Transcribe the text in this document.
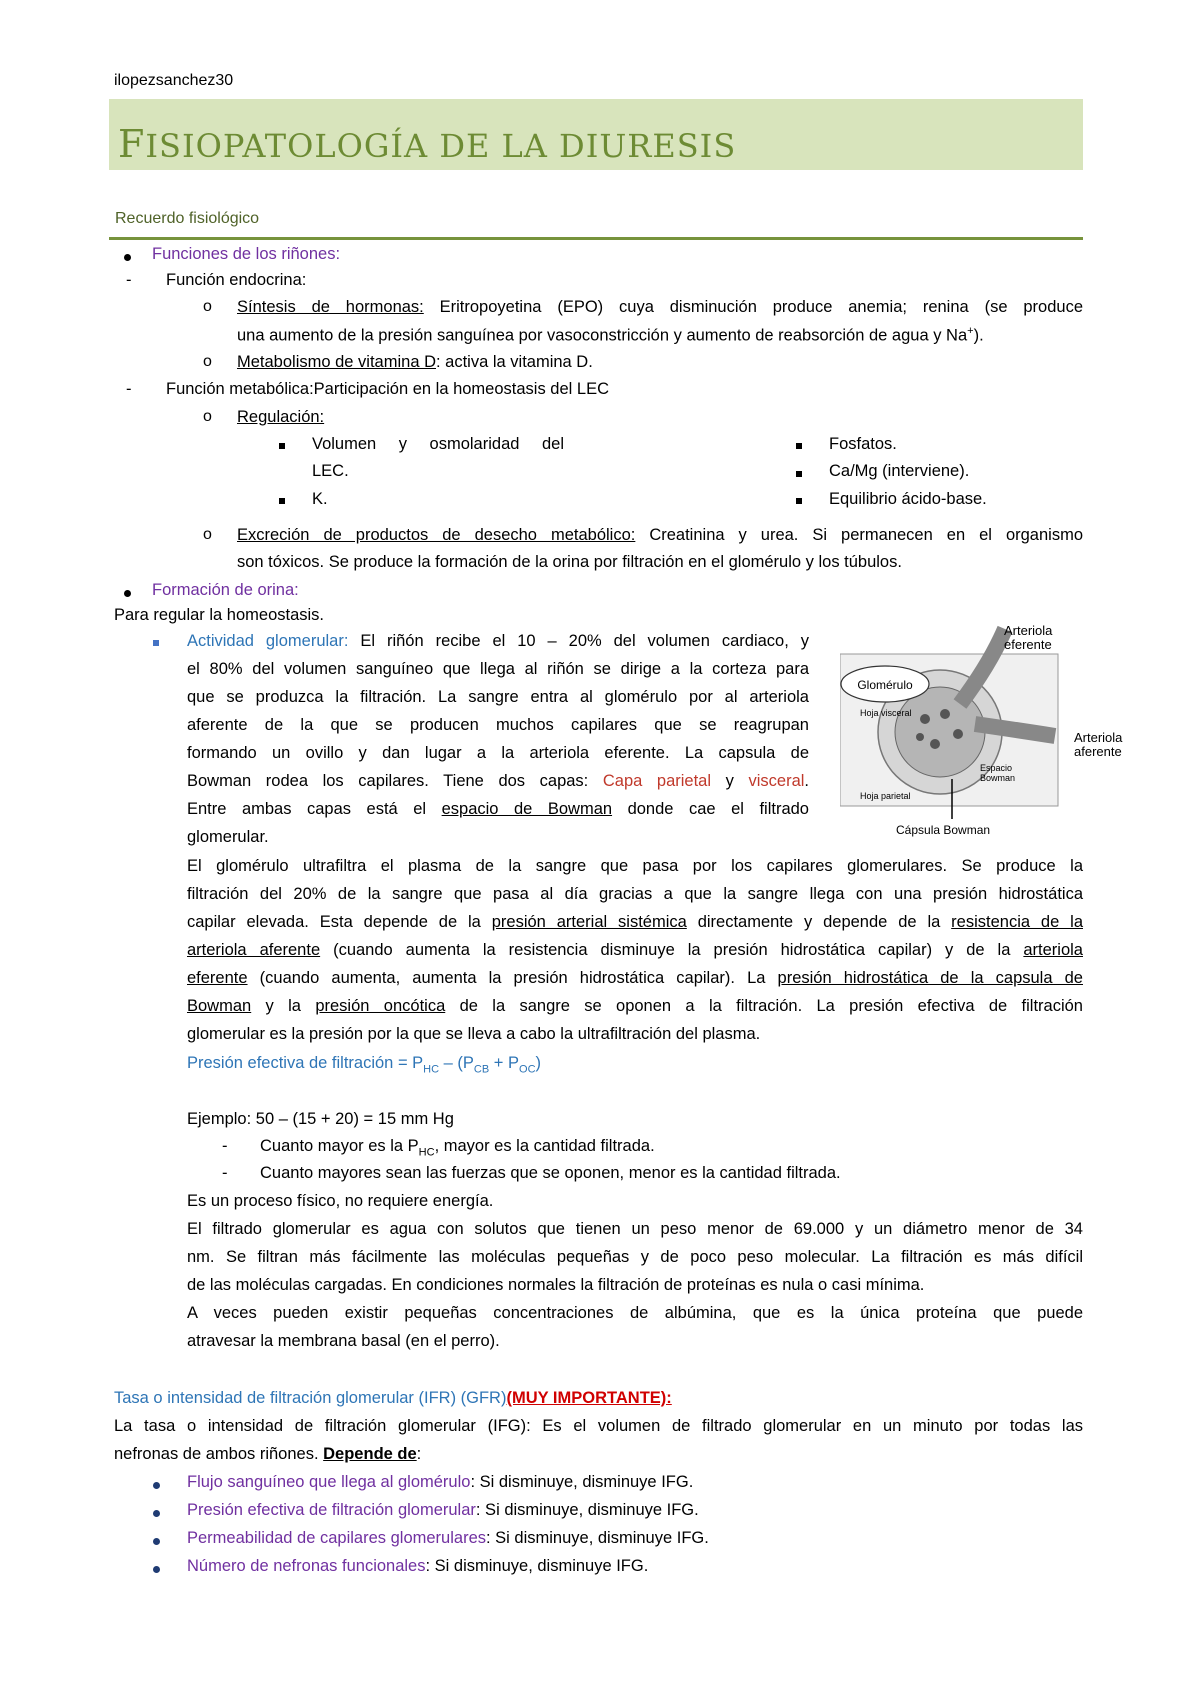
ilopezsanchez30
FISIOPATOLOGÍA DE LA DIURESIS
Recuerdo fisiológico
Funciones de los riñones:
- Función endocrina:
o Síntesis de hormonas: Eritropoyetina (EPO) cuya disminución produce anemia; renina (se produce
una aumento de la presión sanguínea por vasoconstricción y aumento de reabsorción de agua y Na+).
o Metabolismo de vitamina D: activa la vitamina D.
- Función metabólica:Participación en la homeostasis del LEC
o Regulación:
Volumen y osmolaridad del
LEC.
K.
Fosfatos.
Ca/Mg (interviene).
Equilibrio ácido-base.
o Excreción de productos de desecho metabólico: Creatinina y urea. Si permanecen en el organismo
son tóxicos. Se produce la formación de la orina por filtración en el glomérulo y los túbulos.
Formación de orina:
Para regular la homeostasis.
Actividad glomerular: El riñón recibe el 10 – 20% del volumen cardiaco, y
el 80% del volumen sanguíneo que llega al riñón se dirige a la corteza para
que se produzca la filtración. La sangre entra al glomérulo por al arteriola
aferente de la que se producen muchos capilares que se reagrupan
formando un ovillo y dan lugar a la arteriola eferente. La capsula de
Bowman rodea los capilares. Tiene dos capas: Capa parietal y visceral.
Entre ambas capas está el espacio de Bowman donde cae el filtrado
glomerular.
Glomérulo
Hoja visceral
Espacio
Bowman
Hoja parietal
Cápsula Bowman
Arteriola
eferente
Arteriola
aferente
El glomérulo ultrafiltra el plasma de la sangre que pasa por los capilares glomerulares. Se produce la
filtración del 20% de la sangre que pasa al día gracias a que la sangre llega con una presión hidrostática
capilar elevada. Esta depende de la presión arterial sistémica directamente y depende de la resistencia de la
arteriola aferente (cuando aumenta la resistencia disminuye la presión hidrostática capilar) y de la arteriola
eferente (cuando aumenta, aumenta la presión hidrostática capilar). La presión hidrostática de la capsula de
Bowman y la presión oncótica de la sangre se oponen a la filtración. La presión efectiva de filtración
glomerular es la presión por la que se lleva a cabo la ultrafiltración del plasma.
Presión efectiva de filtración = $P_{HC} - (P_{CB} + P_{OC})$
Ejemplo: 50 – (15 + 20) = 15 mm Hg
- Cuanto mayor es la $P_{HC}$, mayor es la cantidad filtrada.
- Cuanto mayores sean las fuerzas que se oponen, menor es la cantidad filtrada.
Es un proceso físico, no requiere energía.
El filtrado glomerular es agua con solutos que tienen un peso menor de 69.000 y un diámetro menor de 34
nm. Se filtran más fácilmente las moléculas pequeñas y de poco peso molecular. La filtración es más difícil
de las moléculas cargadas. En condiciones normales la filtración de proteínas es nula o casi mínima.
A veces pueden existir pequeñas concentraciones de albúmina, que es la única proteína que puede
atravesar la membrana basal (en el perro).
Tasa o intensidad de filtración glomerular (IFR) (GFR)(MUY IMPORTANTE):
La tasa o intensidad de filtración glomerular (IFG): Es el volumen de filtrado glomerular en un minuto por todas las
nefronas de ambos riñones. Depende de:
Flujo sanguíneo que llega al glomérulo: Si disminuye, disminuye IFG.
Presión efectiva de filtración glomerular: Si disminuye, disminuye IFG.
Permeabilidad de capilares glomerulares: Si disminuye, disminuye IFG.
Número de nefronas funcionales: Si disminuye, disminuye IFG.
